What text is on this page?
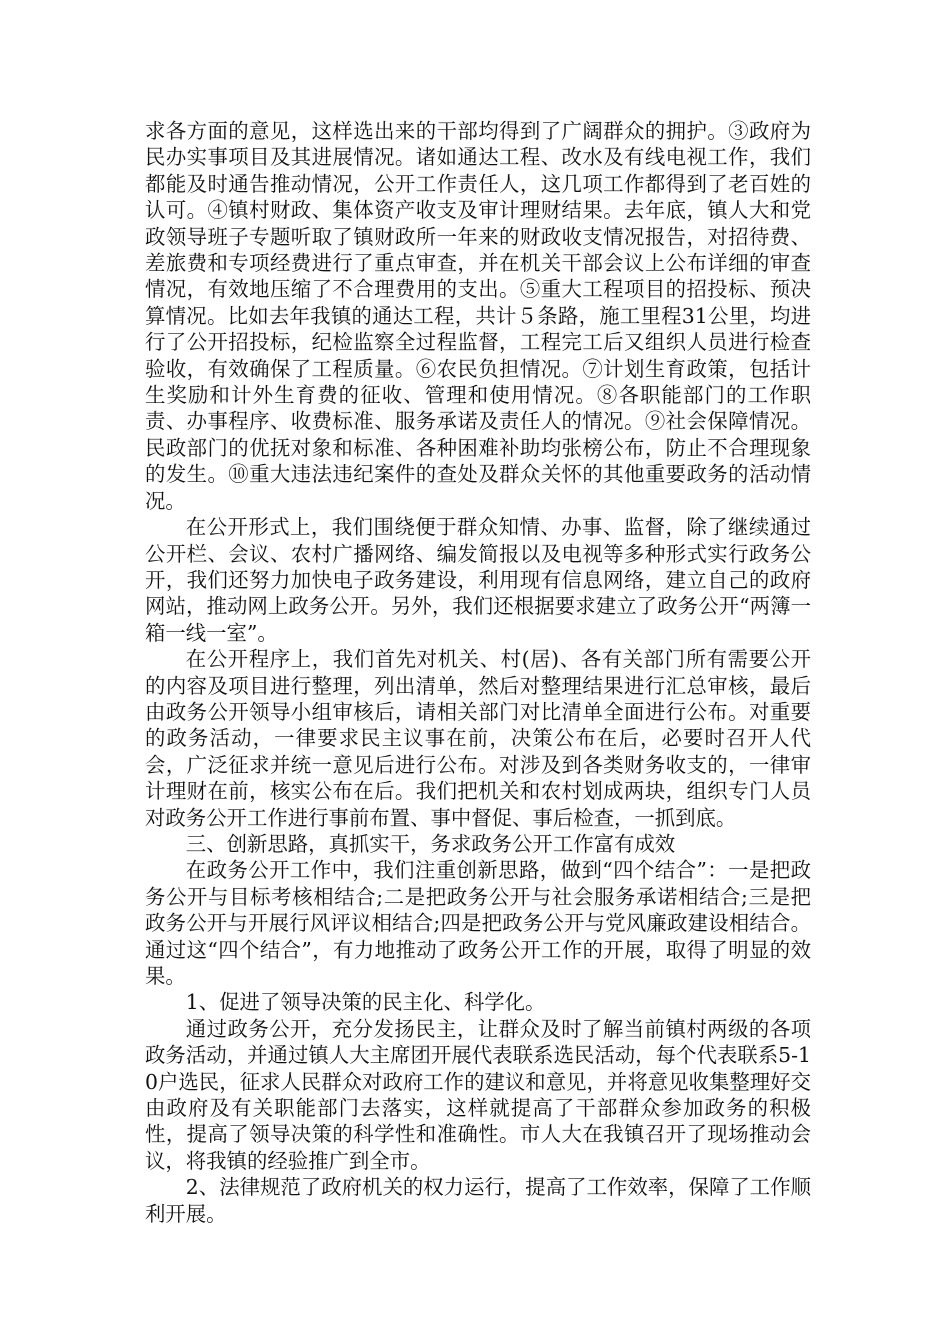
求各方面的意见，这样选出来的干部均得到了广阔群众的拥护。③政府为民办实事项目及其进展情况。诸如通达工程、改水及有线电视工作，我们都能及时通告推动情况，公开工作责任人，这几项工作都得到了老百姓的认可。④镇村财政、集体资产收支及审计理财结果。去年底，镇人大和党政领导班子专题听取了镇财政所一年来的财政收支情况报告，对招待费、差旅费和专项经费进行了重点审查，并在机关干部会议上公布详细的审查情况，有效地压缩了不合理费用的支出。⑤重大工程项目的招投标、预决算情况。比如去年我镇的通达工程，共计５条路，施工里程31公里，均进行了公开招投标，纪检监察全过程监督，工程完工后又组织人员进行检查验收，有效确保了工程质量。⑥农民负担情况。⑦计划生育政策，包括计生奖励和计外生育费的征收、管理和使用情况。⑧各职能部门的工作职责、办事程序、收费标准、服务承诺及责任人的情况。⑨社会保障情况。民政部门的优抚对象和标准、各种困难补助均张榜公布，防止不合理现象的发生。⑩重大违法违纪案件的查处及群众关怀的其他重要政务的活动情况。

在公开形式上，我们围绕便于群众知情、办事、监督，除了继续通过公开栏、会议、农村广播网络、编发简报以及电视等多种形式实行政务公开，我们还努力加快电子政务建设，利用现有信息网络，建立自己的政府网站，推动网上政务公开。另外，我们还根据要求建立了政务公开“两簿一箱一线一室”。

在公开程序上，我们首先对机关、村(居)、各有关部门所有需要公开的内容及项目进行整理，列出清单，然后对整理结果进行汇总审核，最后由政务公开领导小组审核后，请相关部门对比清单全面进行公布。对重要的政务活动，一律要求民主议事在前，决策公布在后，必要时召开人代会，广泛征求并统一意见后进行公布。对涉及到各类财务收支的，一律审计理财在前，核实公布在后。我们把机关和农村划成两块，组织专门人员对政务公开工作进行事前布置、事中督促、事后检查，一抓到底。

三、创新思路，真抓实干，务求政务公开工作富有成效

在政务公开工作中，我们注重创新思路，做到“四个结合”：一是把政务公开与目标考核相结合;二是把政务公开与社会服务承诺相结合;三是把政务公开与开展行风评议相结合;四是把政务公开与党风廉政建设相结合。通过这“四个结合”，有力地推动了政务公开工作的开展，取得了明显的效果。

1、促进了领导决策的民主化、科学化。

通过政务公开，充分发扬民主，让群众及时了解当前镇村两级的各项政务活动，并通过镇人大主席团开展代表联系选民活动，每个代表联系5-10户选民，征求人民群众对政府工作的建议和意见，并将意见收集整理好交由政府及有关职能部门去落实，这样就提高了干部群众参加政务的积极性，提高了领导决策的科学性和准确性。市人大在我镇召开了现场推动会议，将我镇的经验推广到全市。

2、法律规范了政府机关的权力运行，提高了工作效率，保障了工作顺利开展。
